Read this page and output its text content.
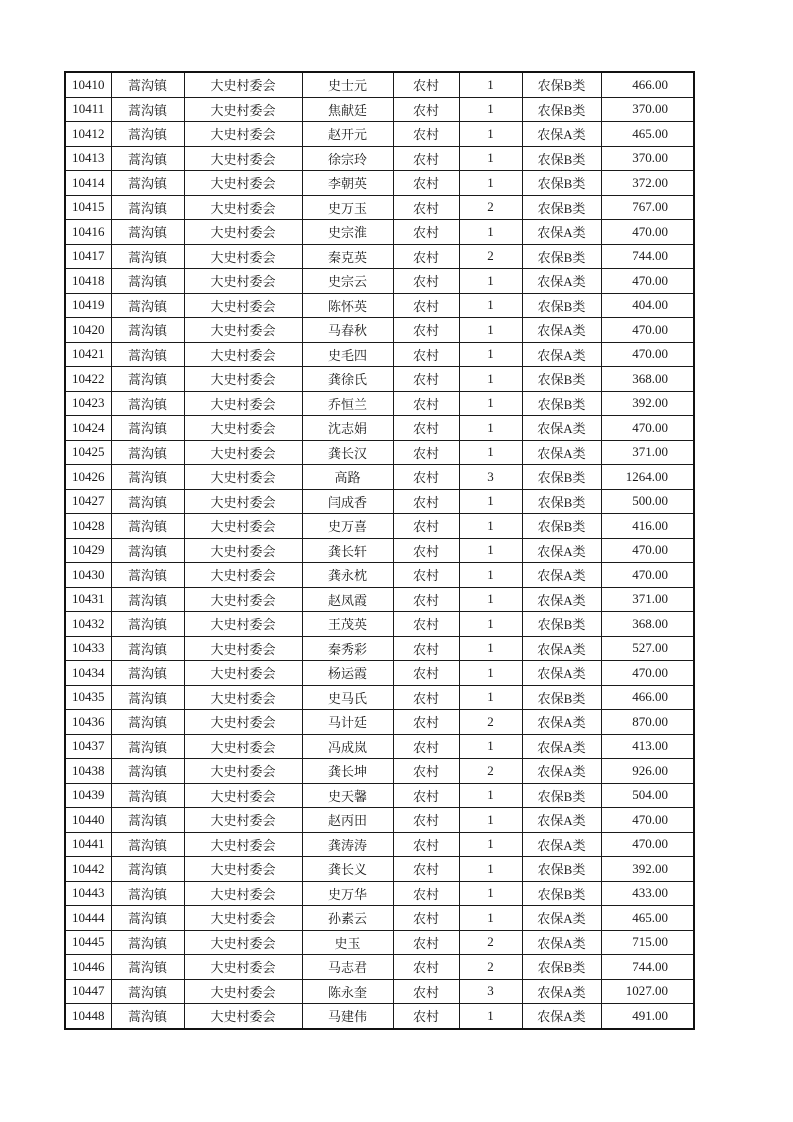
10410	蒿沟镇	大史村委会	史士元	农村	1	农保B类	466.00
10411	蒿沟镇	大史村委会	焦献廷	农村	1	农保B类	370.00
10412	蒿沟镇	大史村委会	赵开元	农村	1	农保A类	465.00
10413	蒿沟镇	大史村委会	徐宗玲	农村	1	农保B类	370.00
10414	蒿沟镇	大史村委会	李朝英	农村	1	农保B类	372.00
10415	蒿沟镇	大史村委会	史万玉	农村	2	农保B类	767.00
10416	蒿沟镇	大史村委会	史宗淮	农村	1	农保A类	470.00
10417	蒿沟镇	大史村委会	秦克英	农村	2	农保B类	744.00
10418	蒿沟镇	大史村委会	史宗云	农村	1	农保A类	470.00
10419	蒿沟镇	大史村委会	陈怀英	农村	1	农保B类	404.00
10420	蒿沟镇	大史村委会	马春秋	农村	1	农保A类	470.00
10421	蒿沟镇	大史村委会	史毛四	农村	1	农保A类	470.00
10422	蒿沟镇	大史村委会	龚徐氏	农村	1	农保B类	368.00
10423	蒿沟镇	大史村委会	乔恒兰	农村	1	农保B类	392.00
10424	蒿沟镇	大史村委会	沈志娟	农村	1	农保A类	470.00
10425	蒿沟镇	大史村委会	龚长汉	农村	1	农保A类	371.00
10426	蒿沟镇	大史村委会	高路	农村	3	农保B类	1264.00
10427	蒿沟镇	大史村委会	闫成香	农村	1	农保B类	500.00
10428	蒿沟镇	大史村委会	史万喜	农村	1	农保B类	416.00
10429	蒿沟镇	大史村委会	龚长轩	农村	1	农保A类	470.00
10430	蒿沟镇	大史村委会	龚永枕	农村	1	农保A类	470.00
10431	蒿沟镇	大史村委会	赵凤霞	农村	1	农保A类	371.00
10432	蒿沟镇	大史村委会	王茂英	农村	1	农保B类	368.00
10433	蒿沟镇	大史村委会	秦秀彩	农村	1	农保A类	527.00
10434	蒿沟镇	大史村委会	杨运霞	农村	1	农保A类	470.00
10435	蒿沟镇	大史村委会	史马氏	农村	1	农保B类	466.00
10436	蒿沟镇	大史村委会	马计廷	农村	2	农保A类	870.00
10437	蒿沟镇	大史村委会	冯成岚	农村	1	农保A类	413.00
10438	蒿沟镇	大史村委会	龚长坤	农村	2	农保A类	926.00
10439	蒿沟镇	大史村委会	史天馨	农村	1	农保B类	504.00
10440	蒿沟镇	大史村委会	赵丙田	农村	1	农保A类	470.00
10441	蒿沟镇	大史村委会	龚涛涛	农村	1	农保A类	470.00
10442	蒿沟镇	大史村委会	龚长义	农村	1	农保B类	392.00
10443	蒿沟镇	大史村委会	史万华	农村	1	农保B类	433.00
10444	蒿沟镇	大史村委会	孙素云	农村	1	农保A类	465.00
10445	蒿沟镇	大史村委会	史玉	农村	2	农保A类	715.00
10446	蒿沟镇	大史村委会	马志君	农村	2	农保B类	744.00
10447	蒿沟镇	大史村委会	陈永奎	农村	3	农保A类	1027.00
10448	蒿沟镇	大史村委会	马建伟	农村	1	农保A类	491.00
